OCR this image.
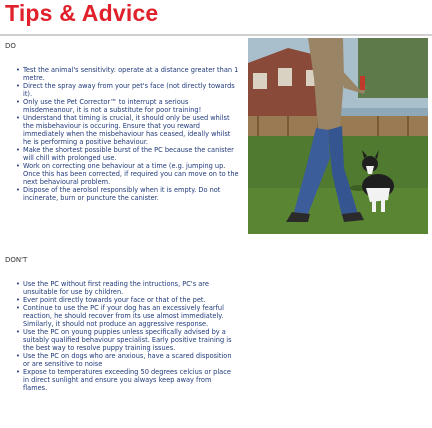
Tips & Advice
DO
• Test the animal's sensitivity: operate at a distance greater than 1 metre.
• Direct the spray away from your pet's face (not directly towards it).
• Only use the Pet Corrector™ to interrupt a serious misdemeanour, it is not a substitute for poor training!
• Understand that timing is crucial, it should only be used whilst the misbehaviour is occuring. Ensure that you reward immediately when the misbehaviour has ceased, ideally whilst he is performing a positive behaviour.
• Make the shortest possible burst of the PC because the canister will chill with prolonged use.
• Work on correcting one behaviour at a time (e.g. jumping up. Once this has been corrected, if required you can move on to the next behavioural problem.
• Dispose of the aerolsol responsibly when it is empty. Do not incinerate, burn or puncture the canister.
DON'T
• Use the PC without first reading the intructions, PC's are unsuitable for use by children.
• Ever point directly towards your face or that of the pet.
• Continue to use the PC if your dog has an excessively fearful reaction, he should recover from its use almost immediately. Similarly, it should not produce an aggressive response.
• Use the PC on young puppies unless specifically advised by a suitably qualified behaviour specialist. Early positive training is the best way to resolve puppy training issues.
• Use the PC on dogs who are anxious, have a scared disposition or are sensitive to noise
• Expose to temperatures exceeding 50 degrees celcius or place in direct sunlight and ensure you always keep away from flames.
